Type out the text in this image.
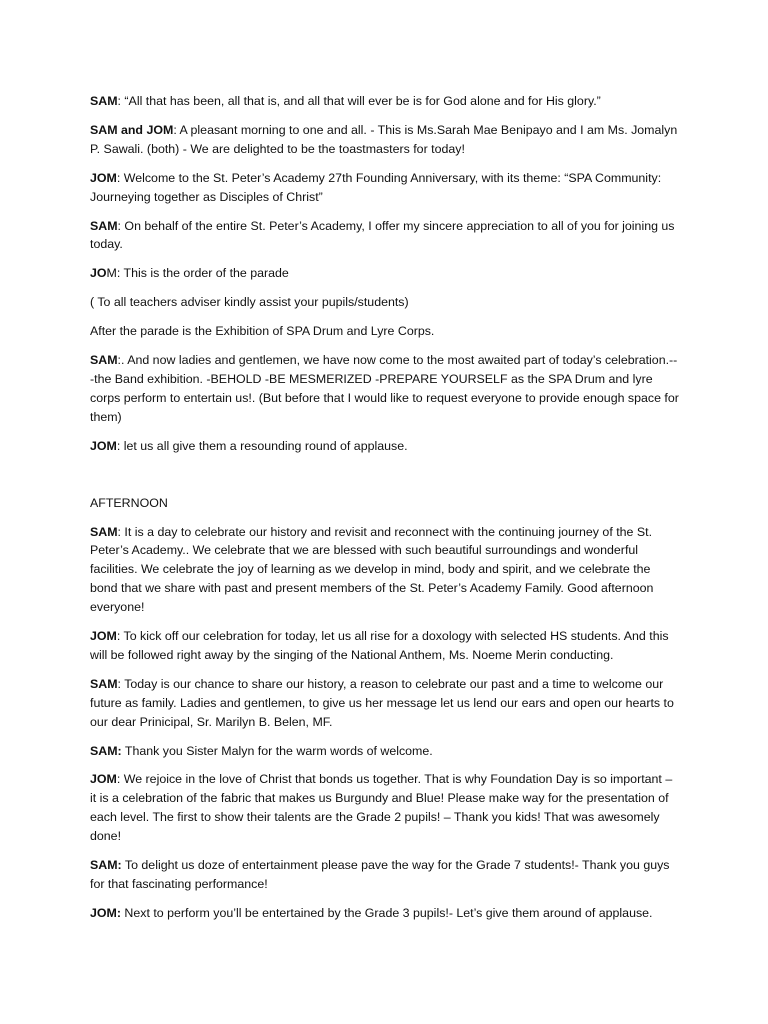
SAM: “All that has been, all that is, and all that will ever be is for God alone and for His glory.”

SAM and JOM: A pleasant morning to one and all. - This is Ms.Sarah Mae Benipayo and I am Ms. Jomalyn P. Sawali. (both) - We are delighted to be the toastmasters for today!

JOM: Welcome to the St. Peter’s Academy 27th Founding Anniversary, with its theme: “SPA Community: Journeying together as Disciples of Christ”

SAM: On behalf of the entire St. Peter’s Academy, I offer my sincere appreciation to all of you for joining us today.

JOM: This is the order of the parade

( To all teachers adviser kindly assist your pupils/students)

After the parade is the Exhibition of SPA Drum and Lyre Corps.

SAM:. And now ladies and gentlemen, we have now come to the most awaited part of today’s celebration.---the Band exhibition. -BEHOLD -BE MESMERIZED -PREPARE YOURSELF as the SPA Drum and lyre corps perform to entertain us!. (But before that I would like to request everyone to provide enough space for them)

JOM: let us all give them a resounding round of applause.

AFTERNOON

SAM: It is a day to celebrate our history and revisit and reconnect with the continuing journey of the St. Peter’s Academy.. We celebrate that we are blessed with such beautiful surroundings and wonderful facilities. We celebrate the joy of learning as we develop in mind, body and spirit, and we celebrate the bond that we share with past and present members of the St. Peter’s Academy Family. Good afternoon everyone!

JOM: To kick off our celebration for today, let us all rise for a doxology with selected HS students. And this will be followed right away by the singing of the National Anthem, Ms. Noeme Merin conducting.

SAM: Today is our chance to share our history, a reason to celebrate our past and a time to welcome our future as family. Ladies and gentlemen, to give us her message let us lend our ears and open our hearts to our dear Prinicipal, Sr. Marilyn B. Belen, MF.

SAM: Thank you Sister Malyn for the warm words of welcome.

JOM: We rejoice in the love of Christ that bonds us together. That is why Foundation Day is so important – it is a celebration of the fabric that makes us Burgundy and Blue! Please make way for the presentation of each level. The first to show their talents are the Grade 2 pupils! – Thank you kids! That was awesomely done!

SAM: To delight us doze of entertainment please pave the way for the Grade 7 students!- Thank you guys for that fascinating performance!

JOM: Next to perform you’ll be entertained by the Grade 3 pupils!- Let’s give them around of applause.
